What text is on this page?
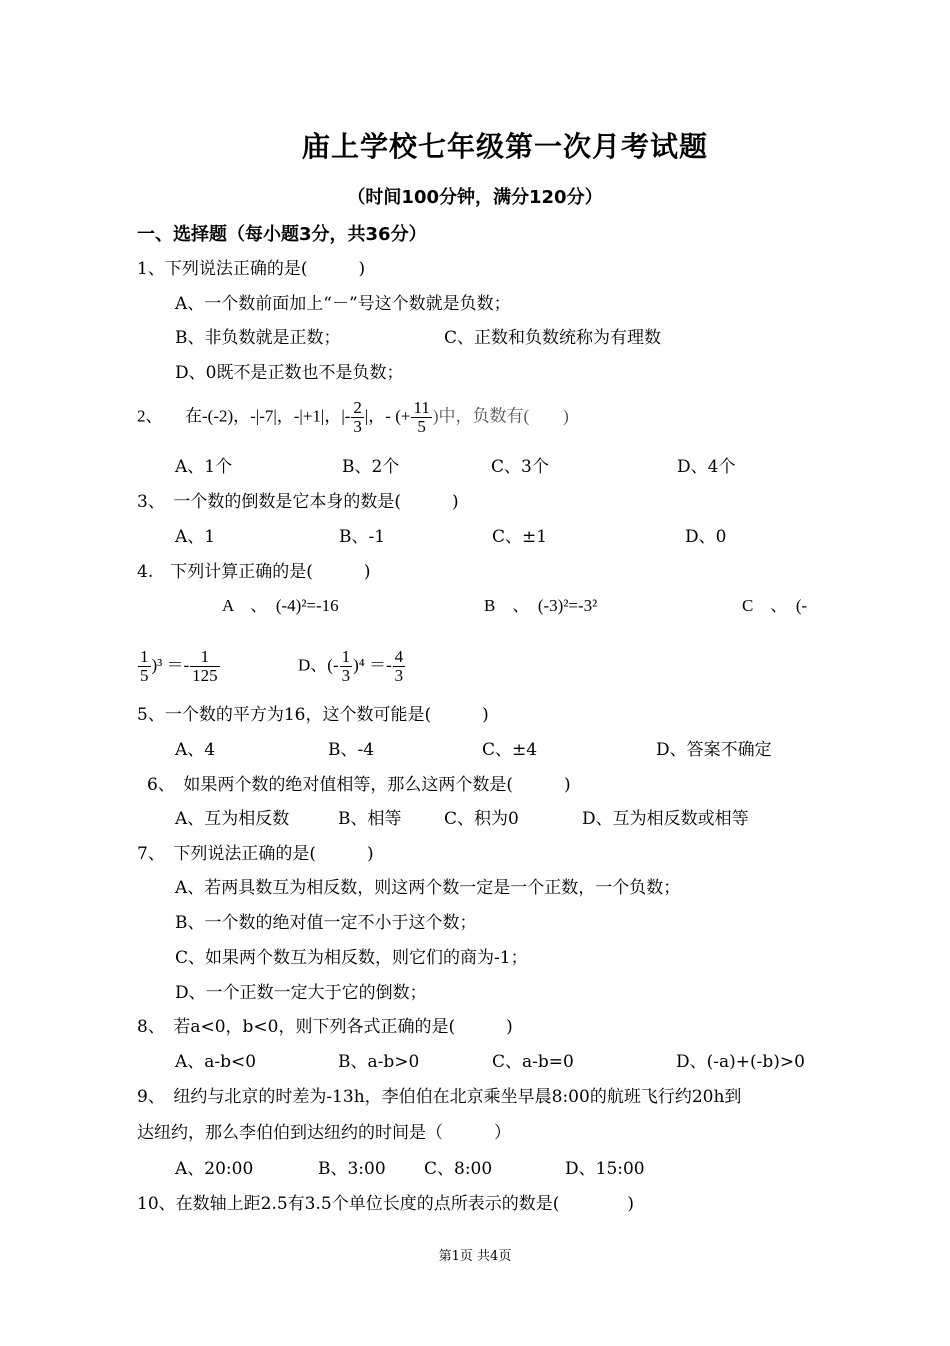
庙上学校七年级第一次月考试题
（时间100分钟，满分120分）
一、选择题（每小题3分，共36分）
1、下列说法正确的是(　　　)
A、一个数前面加上“－”号这个数就是负数；
B、非负数就是正数；	C、正数和负数统称为有理数
D、0既不是正数也不是负数；
2、 在-(-2)，-|-7|，-|+1|，|- $\frac{2}{3}$ |，- (+ $\frac{11}{5}$ )中，负数有(　　)
A、1个	B、2个	C、3个	D、4个
3、　一个数的倒数是它本身的数是(　　　)
A、1	B、-1	C、±1	D、0
4.　下列计算正确的是(　　　)
A　、　(-4)²=-16	B　、　(-3)²=-3²	C　、　(-
$\frac{1}{5} )^3 =- \frac{1}{125}$	D、(- $\frac{1}{3} )^4 =- \frac{4}{3}$
5、一个数的平方为16，这个数可能是(　　　)
A、4	B、-4	C、±4	D、答案不确定
6、　如果两个数的绝对值相等，那么这两个数是(　　　)
A、互为相反数	B、相等	C、积为0	D、互为相反数或相等
7、　下列说法正确的是(　　　)
A、若两具数互为相反数，则这两个数一定是一个正数，一个负数；
B、一个数的绝对值一定不小于这个数；
C、如果两个数互为相反数，则它们的商为-1；
D、一个正数一定大于它的倒数；
8、　若a<0，b<0，则下列各式正确的是(　　　)
A、a-b<0	B、a-b>0	C、a-b=0	D、(-a)+(-b)>0
9、　纽约与北京的时差为-13h，李伯伯在北京乘坐早晨8:00的航班飞行约20h到
达纽约，那么李伯伯到达纽约的时间是（　　　）
A、20:00	B、3:00 C、8:00	D、15:00
10、在数轴上距2.5有3.5个单位长度的点所表示的数是(　　　　)
第1页 共4页
